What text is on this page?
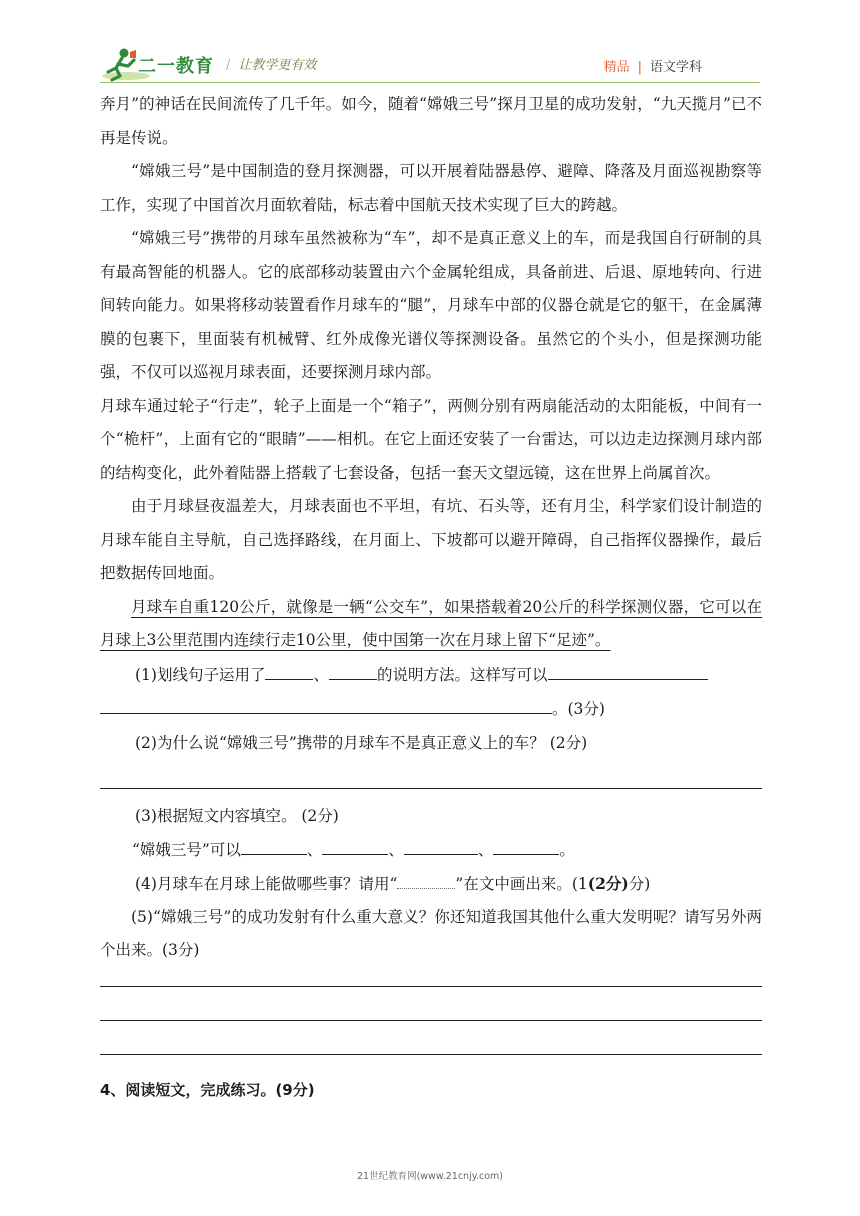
二一教育 / 让教学更有效	精品 | 语文学科

奔月”的神话在民间流传了几千年。如今，随着“嫦娥三号”探月卫星的成功发射，“九天揽月”已不再是传说。

“嫦娥三号”是中国制造的登月探测器，可以开展着陆器悬停、避障、降落及月面巡视勘察等工作，实现了中国首次月面软着陆，标志着中国航天技术实现了巨大的跨越。

“嫦娥三号”携带的月球车虽然被称为“车”，却不是真正意义上的车，而是我国自行研制的具有最高智能的机器人。它的底部移动装置由六个金属轮组成，具备前进、后退、原地转向、行进间转向能力。如果将移动装置看作月球车的“腿”，月球车中部的仪器仓就是它的躯干，在金属薄膜的包裹下，里面装有机械臂、红外成像光谱仪等探测设备。虽然它的个头小，但是探测功能强，不仅可以巡视月球表面，还要探测月球内部。

月球车通过轮子“行走”，轮子上面是一个“箱子”，两侧分别有两扇能活动的太阳能板，中间有一个“桅杆”，上面有它的“眼睛”——相机。在它上面还安装了一台雷达，可以边走边探测月球内部的结构变化，此外着陆器上搭载了七套设备，包括一套天文望远镜，这在世界上尚属首次。

由于月球昼夜温差大，月球表面也不平坦，有坑、石头等，还有月尘，科学家们设计制造的月球车能自主导航，自己选择路线，在月面上、下坡都可以避开障碍，自己指挥仪器操作，最后把数据传回地面。

月球车自重120公斤，就像是一辆“公交车”，如果搭载着20公斤的科学探测仪器，它可以在月球上3公里范围内连续行走10公里，使中国第一次在月球上留下“足迹”。

(1)划线句子运用了	、	的说明方法。这样写可以

。(3分)

(2)为什么说“嫦娥三号”携带的月球车不是真正意义上的车？ (2分)

(3)根据短文内容填空。 (2分)

“嫦娥三号”可以	、	、	、	。

(4)月球车在月球上能做哪些事？请用“	”在文中画出来。(1(2分)分)

(5)“嫦娥三号”的成功发射有什么重大意义？你还知道我国其他什么重大发明呢？请写另外两个出来。(3分)

4、阅读短文，完成练习。(9分)
21世纪教育网(www.21cnjy.com)
